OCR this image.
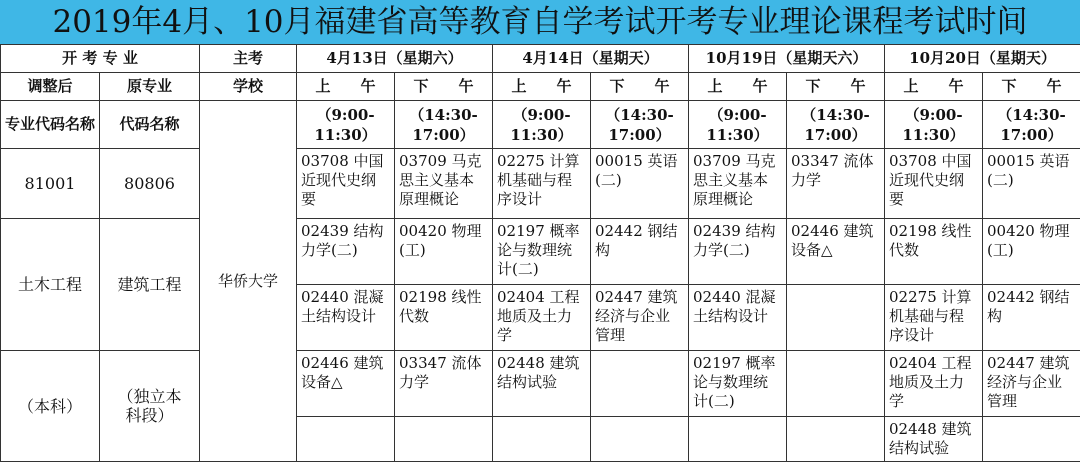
2019年4月、10月福建省高等教育自学考试开考专业理论课程考试时间
开 考 专 业		主考	4月13日（星期六）		4月14日（星期天）		10月19日（星期天六）		10月20日（星期天）	
调整后	原专业	学校	上　　午	下　　午	上　　午	下　　午	上　　午	下　　午	上　　午	下　　午
专业代码名称	代码名称	华侨大学	（9:00-
11:30）	（14:30-
17:00）	（9:00-
11:30）	（14:30-
17:00）	（9:00-
11:30）	（14:30-
17:00）	（9:00-
11:30）	（14:30-
17:00）
81001	80806		03708 中国近现代史纲要	03709 马克思主义基本原理概论	02275 计算机基础与程序设计	00015 英语(二)	03709 马克思主义基本原理概论	03347 流体力学	03708 中国近现代史纲要	00015 英语(二)
土木工程	建筑工程		02439 结构力学(二)	00420 物理(工)	02197 概率论与数理统计(二)	02442 钢结构	02439 结构力学(二)	02446 建筑设备△	02198 线性代数	00420 物理(工)
			02440 混凝土结构设计	02198 线性代数	02404 工程地质及土力学	02447 建筑经济与企业管理	02440 混凝土结构设计		02275 计算机基础与程序设计	02442 钢结构
（本科）	（独立本科段）		02446 建筑设备△	03347 流体力学	02448 建筑结构试验		02197 概率论与数理统计(二)		02404 工程地质及土力学	02447 建筑经济与企业管理
									02448 建筑结构试验	
